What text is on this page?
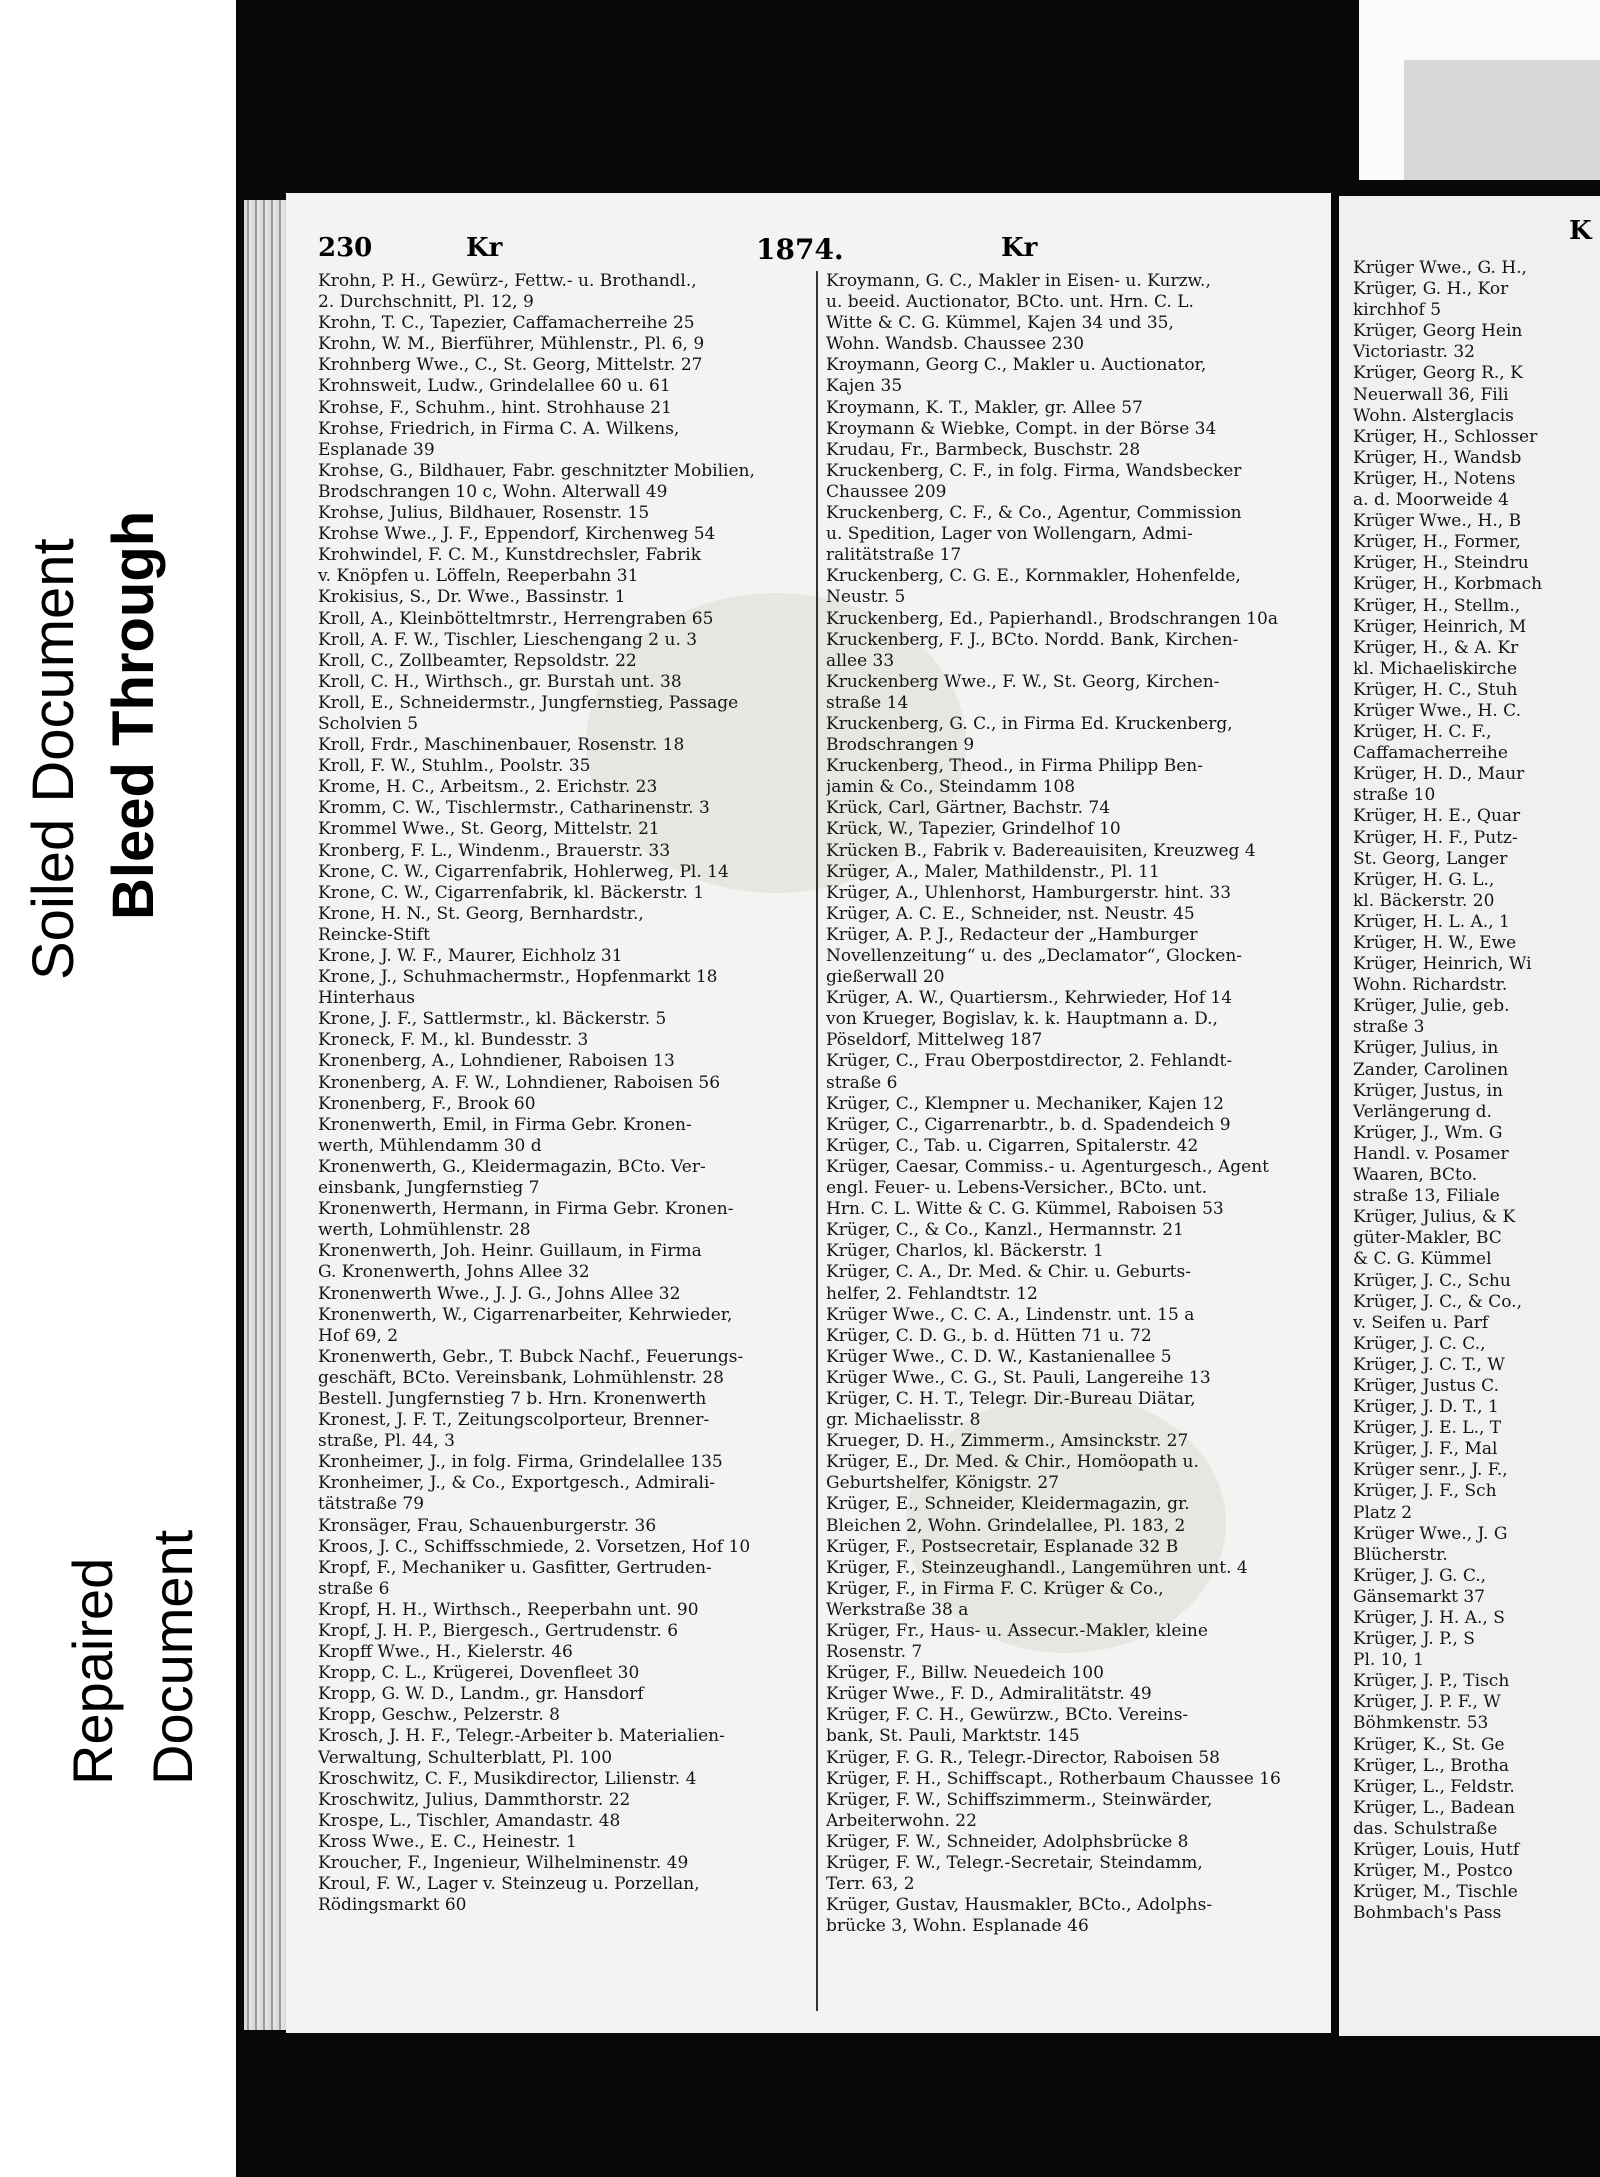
Soiled Document Bleed Through
Repaired Document
230	Kr	1874.	Kr
Krohn, P. H., Gewürz-, Fettw.- u. Brothandl.,
2. Durchschnitt, Pl. 12, 9
Krohn, T. C., Tapezier, Caffamacherreihe 25
Krohn, W. M., Bierführer, Mühlenstr., Pl. 6, 9
Krohnberg Wwe., C., St. Georg, Mittelstr. 27
Krohnsweit, Ludw., Grindelallee 60 u. 61
Krohse, F., Schuhm., hint. Strohhause 21
Krohse, Friedrich, in Firma C. A. Wilkens,
Esplanade 39
Krohse, G., Bildhauer, Fabr. geschnitzter Mobilien,
Brodschrangen 10 c, Wohn. Alterwall 49
Krohse, Julius, Bildhauer, Rosenstr. 15
Krohse Wwe., J. F., Eppendorf, Kirchenweg 54
Krohwindel, F. C. M., Kunstdrechsler, Fabrik
v. Knöpfen u. Löffeln, Reeperbahn 31
Krokisius, S., Dr. Wwe., Bassinstr. 1
Kroll, A., Kleinbötteltmrstr., Herrengraben 65
Kroll, A. F. W., Tischler, Lieschengang 2 u. 3
Kroll, C., Zollbeamter, Repsoldstr. 22
Kroll, C. H., Wirthsch., gr. Burstah unt. 38
Kroll, E., Schneidermstr., Jungfernstieg, Passage
Scholvien 5
Kroll, Frdr., Maschinenbauer, Rosenstr. 18
Kroll, F. W., Stuhlm., Poolstr. 35
Krome, H. C., Arbeitsm., 2. Erichstr. 23
Kromm, C. W., Tischlermstr., Catharinenstr. 3
Krommel Wwe., St. Georg, Mittelstr. 21
Kronberg, F. L., Windenm., Brauerstr. 33
Krone, C. W., Cigarrenfabrik, Hohlerweg, Pl. 14
Krone, C. W., Cigarrenfabrik, kl. Bäckerstr. 1
Krone, H. N., St. Georg, Bernhardstr.,
Reincke-Stift
Krone, J. W. F., Maurer, Eichholz 31
Krone, J., Schuhmachermstr., Hopfenmarkt 18
Hinterhaus
Krone, J. F., Sattlermstr., kl. Bäckerstr. 5
Kroneck, F. M., kl. Bundesstr. 3
Kronenberg, A., Lohndiener, Raboisen 13
Kronenberg, A. F. W., Lohndiener, Raboisen 56
Kronenberg, F., Brook 60
Kronenwerth, Emil, in Firma Gebr. Kronen-
werth, Mühlendamm 30 d
Kronenwerth, G., Kleidermagazin, BCto. Ver-
einsbank, Jungfernstieg 7
Kronenwerth, Hermann, in Firma Gebr. Kronen-
werth, Lohmühlenstr. 28
Kronenwerth, Joh. Heinr. Guillaum, in Firma
G. Kronenwerth, Johns Allee 32
Kronenwerth Wwe., J. J. G., Johns Allee 32
Kronenwerth, W., Cigarrenarbeiter, Kehrwieder,
Hof 69, 2
Kronenwerth, Gebr., T. Bubck Nachf., Feuerungs-
geschäft, BCto. Vereinsbank, Lohmühlenstr. 28
Bestell. Jungfernstieg 7 b. Hrn. Kronenwerth
Kronest, J. F. T., Zeitungscolporteur, Brenner-
straße, Pl. 44, 3
Kronheimer, J., in folg. Firma, Grindelallee 135
Kronheimer, J., & Co., Exportgesch., Admirali-
tätstraße 79
Kronsäger, Frau, Schauenburgerstr. 36
Kroos, J. C., Schiffsschmiede, 2. Vorsetzen, Hof 10
Kropf, F., Mechaniker u. Gasfitter, Gertruden-
straße 6
Kropf, H. H., Wirthsch., Reeperbahn unt. 90
Kropf, J. H. P., Biergesch., Gertrudenstr. 6
Kropff Wwe., H., Kielerstr. 46
Kropp, C. L., Krügerei, Dovenfleet 30
Kropp, G. W. D., Landm., gr. Hansdorf
Kropp, Geschw., Pelzerstr. 8
Krosch, J. H. F., Telegr.-Arbeiter b. Materialien-
Verwaltung, Schulterblatt, Pl. 100
Kroschwitz, C. F., Musikdirector, Lilienstr. 4
Kroschwitz, Julius, Dammthorstr. 22
Krospe, L., Tischler, Amandastr. 48
Kross Wwe., E. C., Heinestr. 1
Kroucher, F., Ingenieur, Wilhelminenstr. 49
Kroul, F. W., Lager v. Steinzeug u. Porzellan,
Rödingsmarkt 60
Kroymann, G. C., Makler in Eisen- u. Kurzw.,
u. beeid. Auctionator, BCto. unt. Hrn. C. L.
Witte & C. G. Kümmel, Kajen 34 und 35,
Wohn. Wandsb. Chaussee 230
Kroymann, Georg C., Makler u. Auctionator,
Kajen 35
Kroymann, K. T., Makler, gr. Allee 57
Kroymann & Wiebke, Compt. in der Börse 34
Krudau, Fr., Barmbeck, Buschstr. 28
Kruckenberg, C. F., in folg. Firma, Wandsbecker
Chaussee 209
Kruckenberg, C. F., & Co., Agentur, Commission
u. Spedition, Lager von Wollengarn, Admi-
ralitätstraße 17
Kruckenberg, C. G. E., Kornmakler, Hohenfelde,
Neustr. 5
Kruckenberg, Ed., Papierhandl., Brodschrangen 10a
Kruckenberg, F. J., BCto. Nordd. Bank, Kirchen-
allee 33
Kruckenberg Wwe., F. W., St. Georg, Kirchen-
straße 14
Kruckenberg, G. C., in Firma Ed. Kruckenberg,
Brodschrangen 9
Kruckenberg, Theod., in Firma Philipp Ben-
jamin & Co., Steindamm 108
Krück, Carl, Gärtner, Bachstr. 74
Krück, W., Tapezier, Grindelhof 10
Krücken B., Fabrik v. Badereauisiten, Kreuzweg 4
Krüger, A., Maler, Mathildenstr., Pl. 11
Krüger, A., Uhlenhorst, Hamburgerstr. hint. 33
Krüger, A. C. E., Schneider, nst. Neustr. 45
Krüger, A. P. J., Redacteur der „Hamburger
Novellenzeitung“ u. des „Declamator“, Glocken-
gießerwall 20
Krüger, A. W., Quartiersm., Kehrwieder, Hof 14
von Krueger, Bogislav, k. k. Hauptmann a. D.,
Pöseldorf, Mittelweg 187
Krüger, C., Frau Oberpostdirector, 2. Fehlandt-
straße 6
Krüger, C., Klempner u. Mechaniker, Kajen 12
Krüger, C., Cigarrenarbtr., b. d. Spadendeich 9
Krüger, C., Tab. u. Cigarren, Spitalerstr. 42
Krüger, Caesar, Commiss.- u. Agenturgesch., Agent
engl. Feuer- u. Lebens-Versicher., BCto. unt.
Hrn. C. L. Witte & C. G. Kümmel, Raboisen 53
Krüger, C., & Co., Kanzl., Hermannstr. 21
Krüger, Charlos, kl. Bäckerstr. 1
Krüger, C. A., Dr. Med. & Chir. u. Geburts-
helfer, 2. Fehlandtstr. 12
Krüger Wwe., C. C. A., Lindenstr. unt. 15 a
Krüger, C. D. G., b. d. Hütten 71 u. 72
Krüger Wwe., C. D. W., Kastanienallee 5
Krüger Wwe., C. G., St. Pauli, Langereihe 13
Krüger, C. H. T., Telegr. Dir.-Bureau Diätar,
gr. Michaelisstr. 8
Krueger, D. H., Zimmerm., Amsinckstr. 27
Krüger, E., Dr. Med. & Chir., Homöopath u.
Geburtshelfer, Königstr. 27
Krüger, E., Schneider, Kleidermagazin, gr.
Bleichen 2, Wohn. Grindelallee, Pl. 183, 2
Krüger, F., Postsecretair, Esplanade 32 B
Krüger, F., Steinzeughandl., Langemühren unt. 4
Krüger, F., in Firma F. C. Krüger & Co.,
Werkstraße 38 a
Krüger, Fr., Haus- u. Assecur.-Makler, kleine
Rosenstr. 7
Krüger, F., Billw. Neuedeich 100
Krüger Wwe., F. D., Admiralitätstr. 49
Krüger, F. C. H., Gewürzw., BCto. Vereins-
bank, St. Pauli, Marktstr. 145
Krüger, F. G. R., Telegr.-Director, Raboisen 58
Krüger, F. H., Schiffscapt., Rotherbaum Chaussee 16
Krüger, F. W., Schiffszimmerm., Steinwärder,
Arbeiterwohn. 22
Krüger, F. W., Schneider, Adolphsbrücke 8
Krüger, F. W., Telegr.-Secretair, Steindamm,
Terr. 63, 2
Krüger, Gustav, Hausmakler, BCto., Adolphs-
brücke 3, Wohn. Esplanade 46
K
Krüger Wwe., G. H.,
Krüger, G. H., Kor
kirchhof 5
Krüger, Georg Hein
Victoriastr. 32
Krüger, Georg R., K
Neuerwall 36, Fili
Wohn. Alsterglacis
Krüger, H., Schlosser
Krüger, H., Wandsb
Krüger, H., Notens
a. d. Moorweide 4
Krüger Wwe., H., B
Krüger, H., Former,
Krüger, H., Steindru
Krüger, H., Korbmach
Krüger, H., Stellm.,
Krüger, Heinrich, M
Krüger, H., & A. Kr
kl. Michaeliskirche
Krüger, H. C., Stuh
Krüger Wwe., H. C.
Krüger, H. C. F.,
Caffamacherreihe
Krüger, H. D., Maur
straße 10
Krüger, H. E., Quar
Krüger, H. F., Putz-
St. Georg, Langer
Krüger, H. G. L.,
kl. Bäckerstr. 20
Krüger, H. L. A., 1
Krüger, H. W., Ewe
Krüger, Heinrich, Wi
Wohn. Richardstr.
Krüger, Julie, geb.
straße 3
Krüger, Julius, in
Zander, Carolinen
Krüger, Justus, in
Verlängerung d.
Krüger, J., Wm. G
Handl. v. Posamer
Waaren, BCto.
straße 13, Filiale
Krüger, Julius, & K
güter-Makler, BC
& C. G. Kümmel
Krüger, J. C., Schu
Krüger, J. C., & Co.,
v. Seifen u. Parf
Krüger, J. C. C.,
Krüger, J. C. T., W
Krüger, Justus C.
Krüger, J. D. T., 1
Krüger, J. E. L., T
Krüger, J. F., Mal
Krüger senr., J. F.,
Krüger, J. F., Sch
Platz 2
Krüger Wwe., J. G
Blücherstr.
Krüger, J. G. C.,
Gänsemarkt 37
Krüger, J. H. A., S
Krüger, J. P., S
Pl. 10, 1
Krüger, J. P., Tisch
Krüger, J. P. F., W
Böhmkenstr. 53
Krüger, K., St. Ge
Krüger, L., Brotha
Krüger, L., Feldstr.
Krüger, L., Badean
das. Schulstraße
Krüger, Louis, Hutf
Krüger, M., Postco
Krüger, M., Tischle
Bohmbach's Pass
